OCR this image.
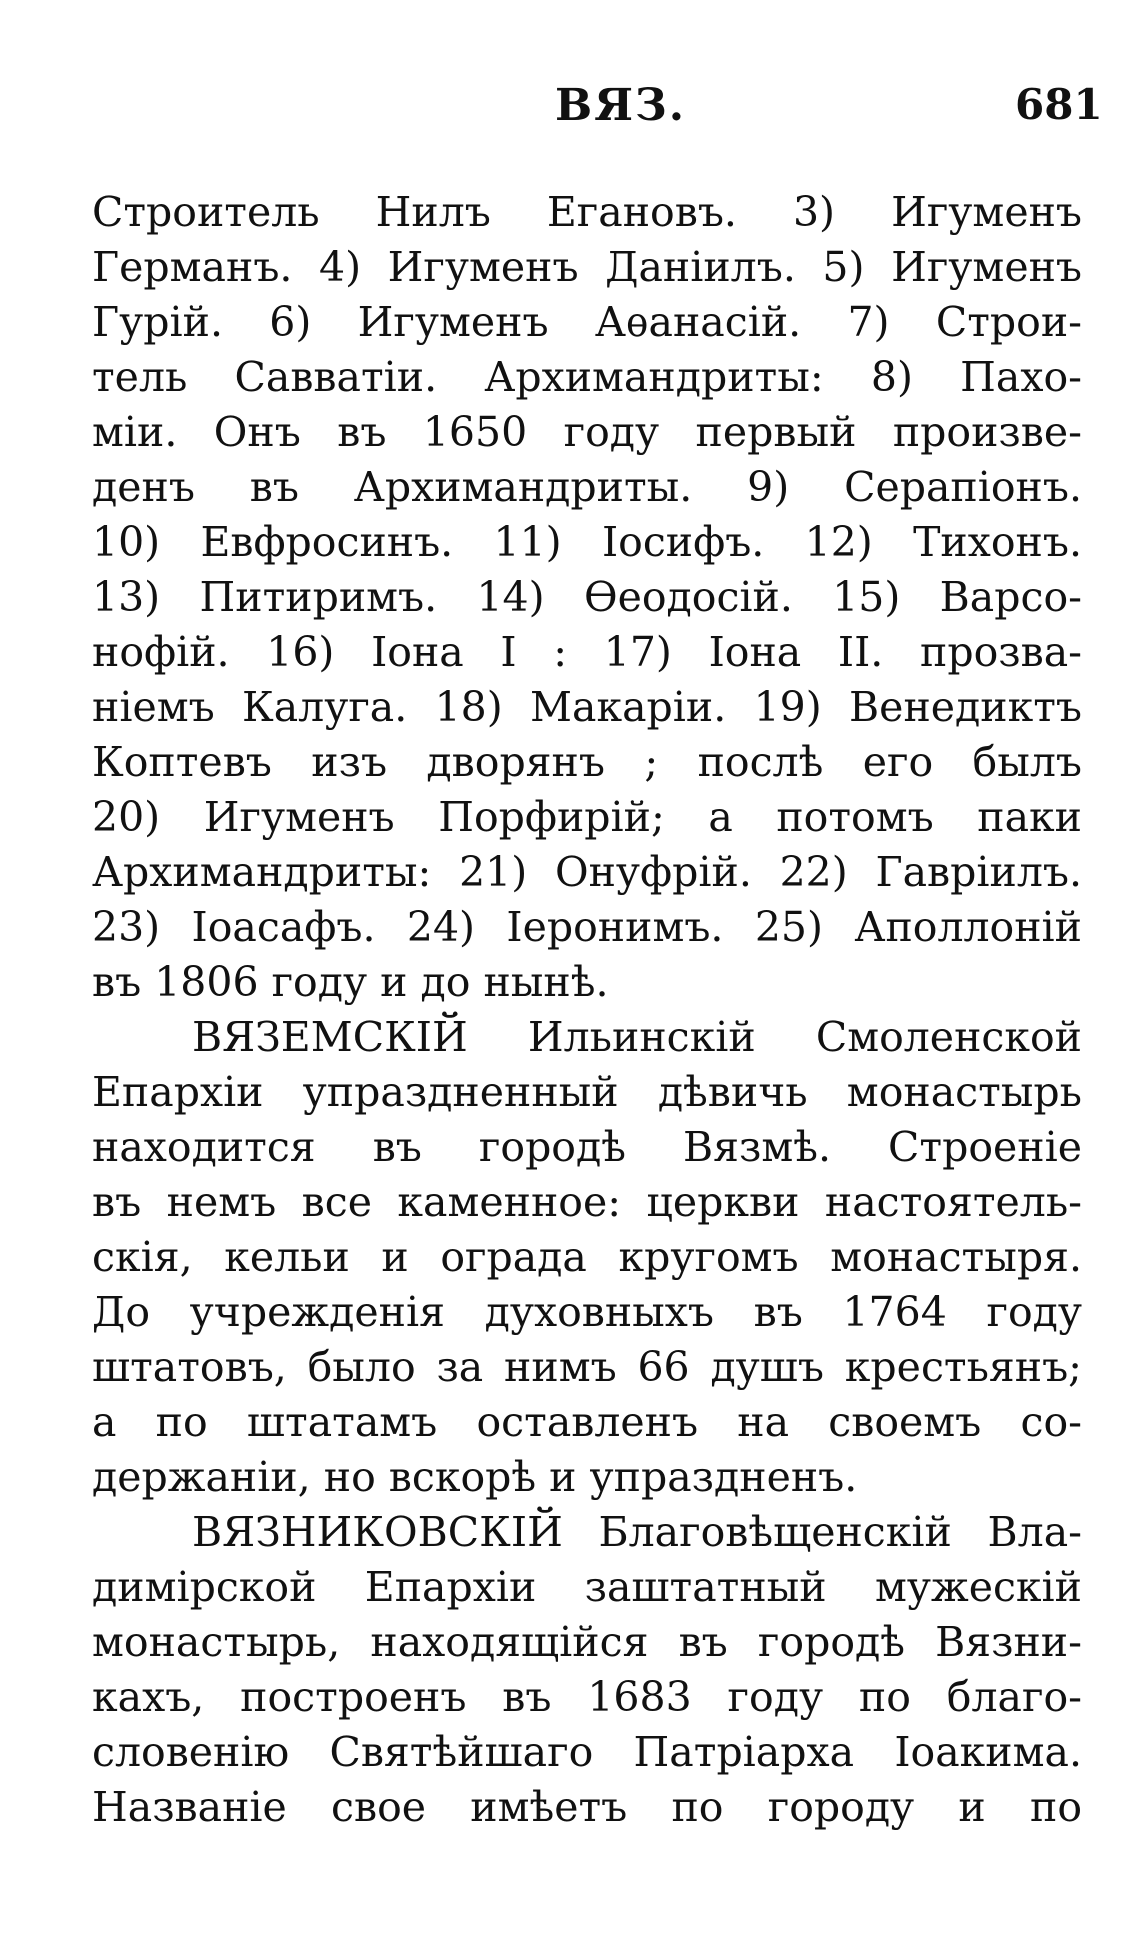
ВЯЗ.	681
Строитель Нилъ Егановъ. 3) Игуменъ
Германъ. 4) Игуменъ Даніилъ. 5) Игуменъ
Гурій. 6) Игуменъ Аѳанасій. 7) Строи-
тель Савватіи. Архимандриты: 8) Пахо-
міи. Онъ въ 1650 году первый произве-
денъ въ Архимандриты. 9) Серапіонъ.
10) Евфросинъ. 11) Іосифъ. 12) Тихонъ.
13) Питиримъ. 14) Ѳеодосій. 15) Варсо-
нофій. 16) Іона I : 17) Іона II. прозва-
ніемъ Калуга. 18) Макаріи. 19) Венедиктъ
Коптевъ изъ дворянъ ; послѣ его былъ
20) Игуменъ Порфирій; а потомъ паки
Архимандриты: 21) Онуфрій. 22) Гавріилъ.
23) Іоасафъ. 24) Іеронимъ. 25) Аполлоній
въ 1806 году и до нынѣ.
ВЯЗЕМСКІЙ Ильинскій Смоленской
Епархіи упраздненный дѣвичь монастырь
находится въ городѣ Вязмѣ. Строеніе
въ немъ все каменное: церкви настоятель-
скія, кельи и ограда кругомъ монастыря.
До учрежденія духовныхъ въ 1764 году
штатовъ, было за нимъ 66 душъ крестьянъ;
а по штатамъ оставленъ на своемъ со-
держаніи, но вскорѣ и упраздненъ.
ВЯЗНИКОВСКІЙ Благовѣщенскій Вла-
димірской Епархіи заштатный мужескій
монастырь, находящійся въ городѣ Вязни-
кахъ, построенъ въ 1683 году по благо-
словенію Святѣйшаго Патріарха Іоакима.
Названіе свое имѣетъ по городу и по
